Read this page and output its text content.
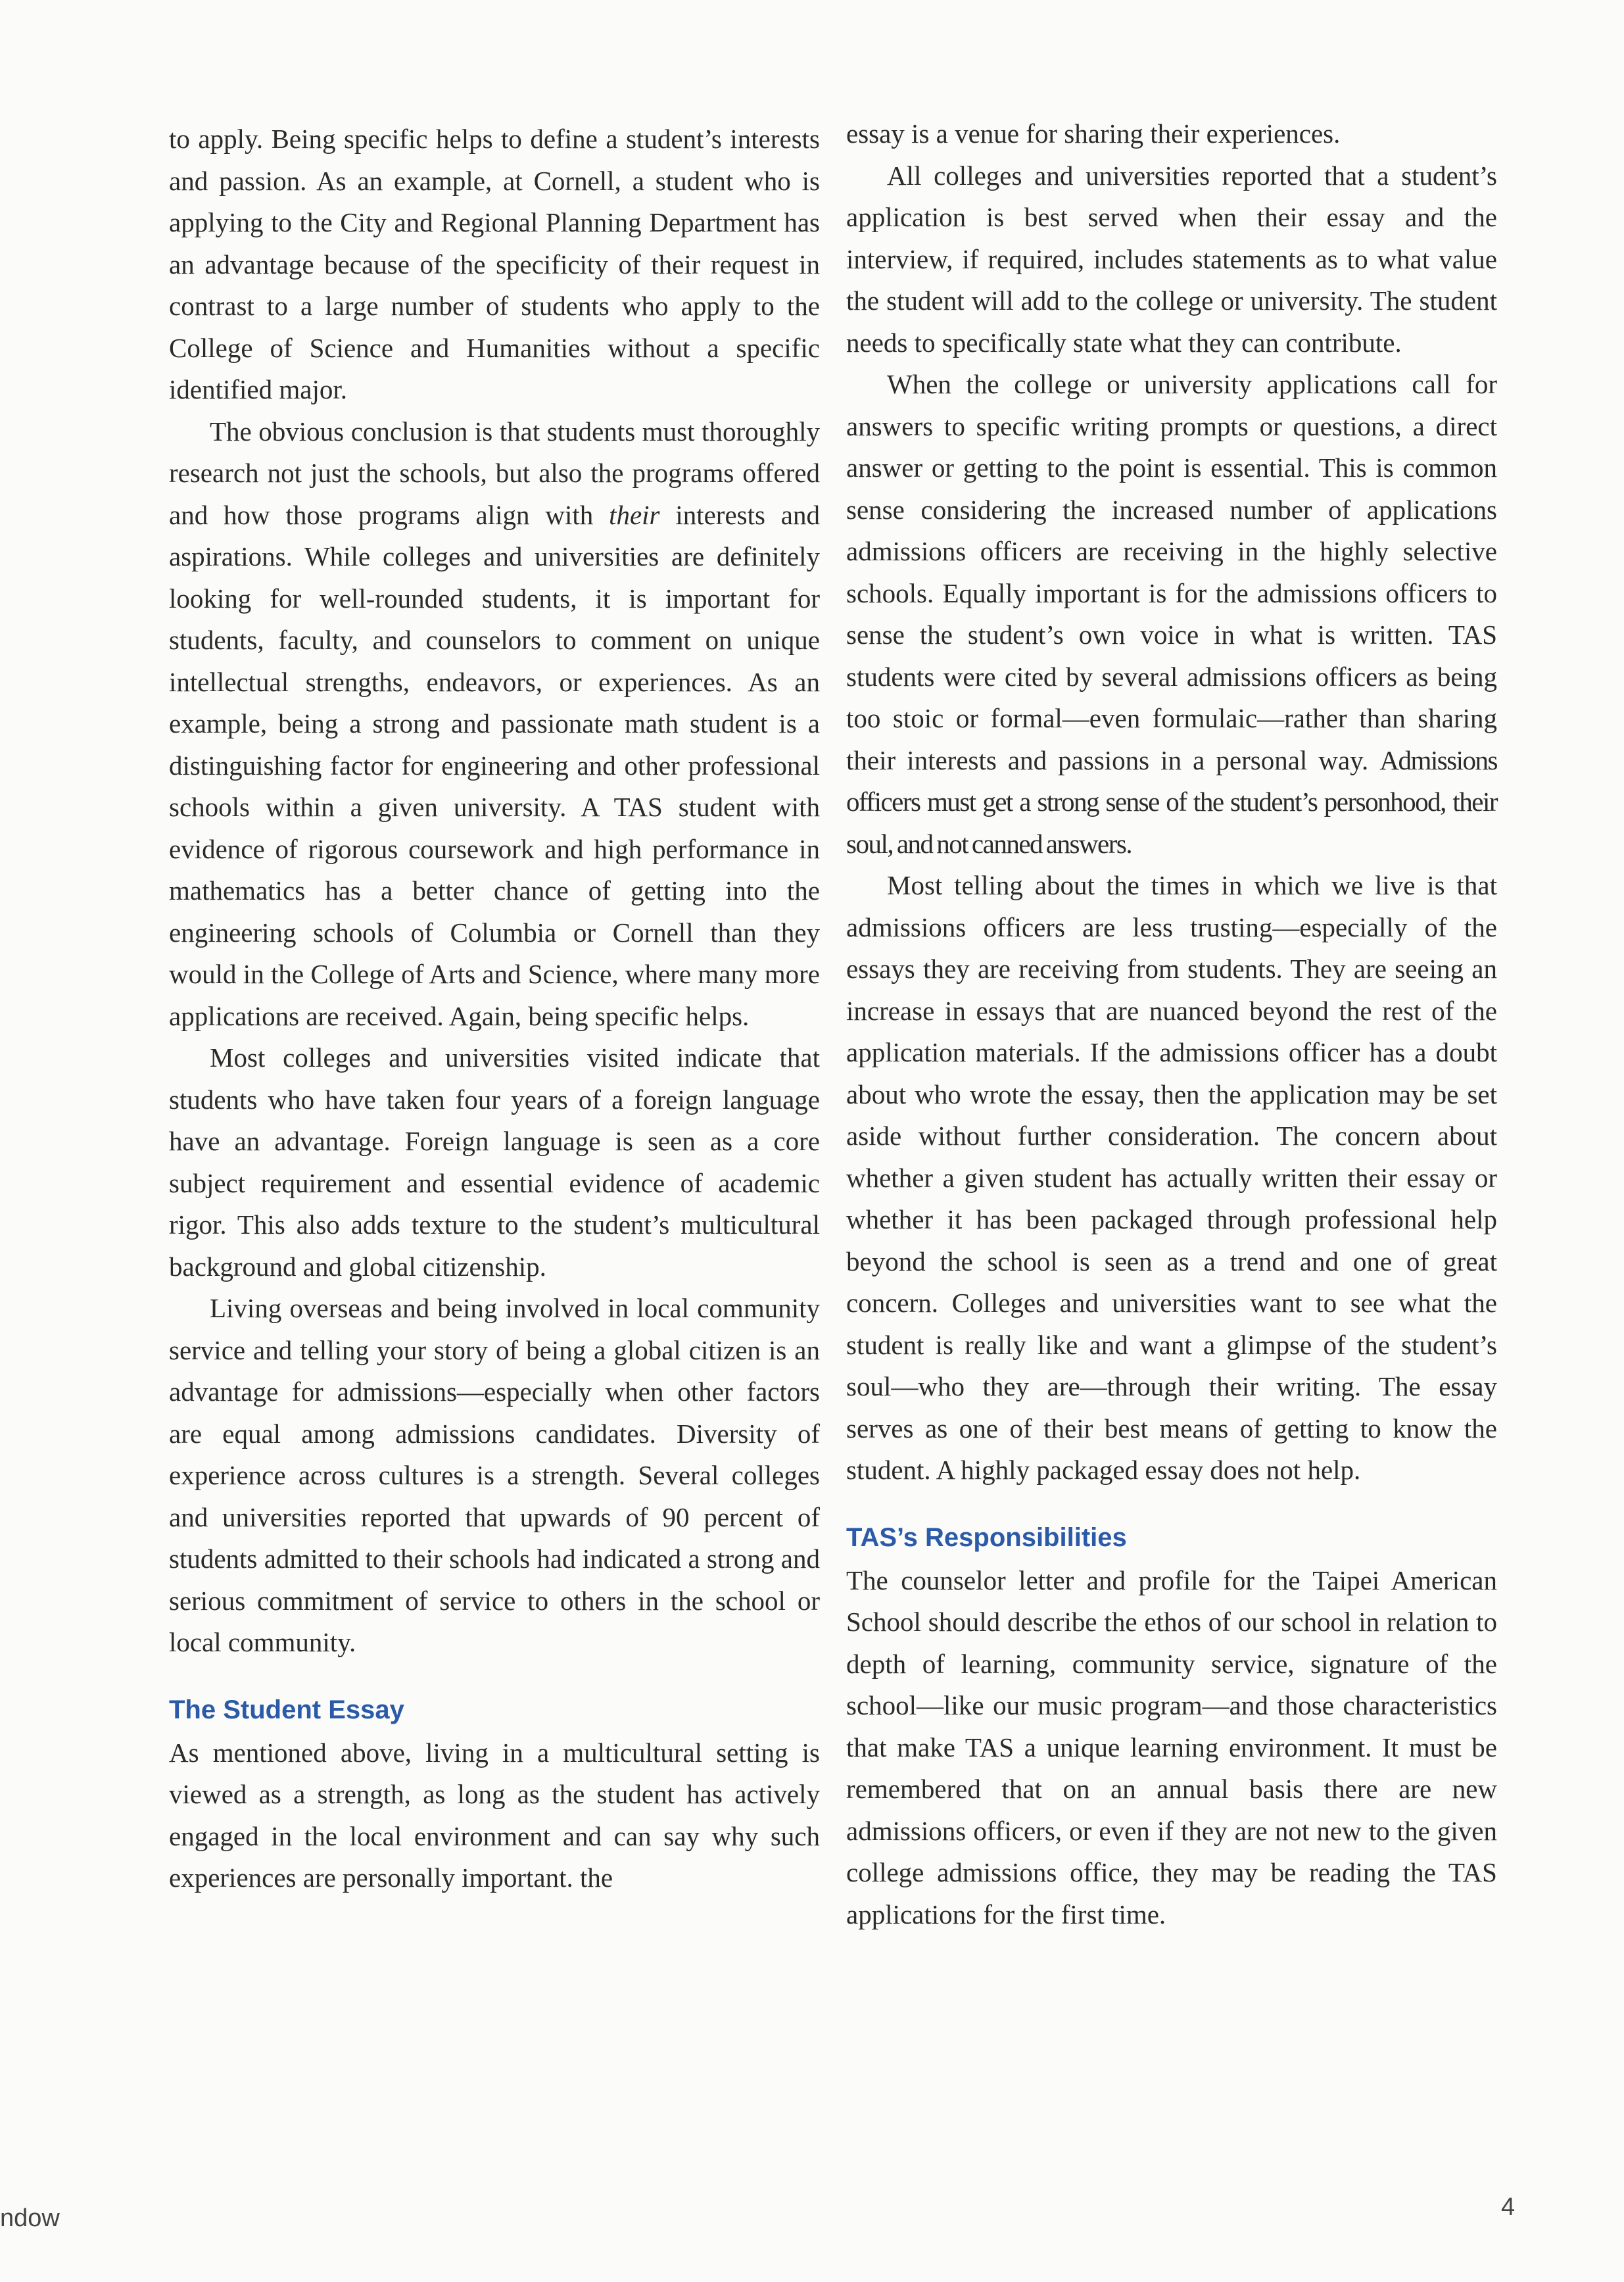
to apply. Being specific helps to define a student’s interests and passion. As an example, at Cornell, a student who is applying to the City and Regional Planning Department has an advantage because of the specificity of their request in contrast to a large number of students who apply to the College of Science and Humanities without a specific identified major.

The obvious conclusion is that students must thoroughly research not just the schools, but also the programs offered and how those programs align with their interests and aspirations. While colleges and universities are definitely looking for well-rounded students, it is important for students, faculty, and counselors to comment on unique intellectual strengths, endeavors, or experiences. As an example, being a strong and passionate math student is a distinguishing factor for engineering and other professional schools within a given university. A TAS student with evidence of rigorous coursework and high performance in mathematics has a better chance of getting into the engineering schools of Columbia or Cornell than they would in the College of Arts and Science, where many more applications are received. Again, being specific helps.

Most colleges and universities visited indicate that students who have taken four years of a foreign language have an advantage. Foreign language is seen as a core subject requirement and essential evidence of academic rigor. This also adds texture to the student’s multicultural background and global citizenship.

Living overseas and being involved in local community service and telling your story of being a global citizen is an advantage for admissions—especially when other factors are equal among admissions candidates. Diversity of experience across cultures is a strength. Several colleges and universities reported that upwards of 90 percent of students admitted to their schools had indicated a strong and serious commitment of service to others in the school or local community.

The Student Essay

As mentioned above, living in a multicultural setting is viewed as a strength, as long as the student has actively engaged in the local environment and can say why such experiences are personally important. the

essay is a venue for sharing their experiences.

All colleges and universities reported that a student’s application is best served when their essay and the interview, if required, includes statements as to what value the student will add to the college or university. The student needs to specifically state what they can contribute.

When the college or university applications call for answers to specific writing prompts or questions, a direct answer or getting to the point is essential. This is common sense considering the increased number of applications admissions officers are receiving in the highly selective schools. Equally important is for the admissions officers to sense the student’s own voice in what is written. TAS students were cited by several admissions officers as being too stoic or formal—even formulaic—rather than sharing their interests and passions in a personal way. Admissions officers must get a strong sense of the student’s personhood, their soul, and not canned answers.

Most telling about the times in which we live is that admissions officers are less trusting—especially of the essays they are receiving from students. They are seeing an increase in essays that are nuanced beyond the rest of the application materials. If the admissions officer has a doubt about who wrote the essay, then the application may be set aside without further consideration. The concern about whether a given student has actually written their essay or whether it has been packaged through professional help beyond the school is seen as a trend and one of great concern. Colleges and universities want to see what the student is really like and want a glimpse of the student’s soul—who they are—through their writing. The essay serves as one of their best means of getting to know the student. A highly packaged essay does not help.

TAS’s Responsibilities

The counselor letter and profile for the Taipei American School should describe the ethos of our school in relation to depth of learning, community service, signature of the school—like our music program—and those characteristics that make TAS a unique learning environment. It must be remembered that on an annual basis there are new admissions officers, or even if they are not new to the given college admissions office, they may be reading the TAS applications for the first time.

ndow	4
